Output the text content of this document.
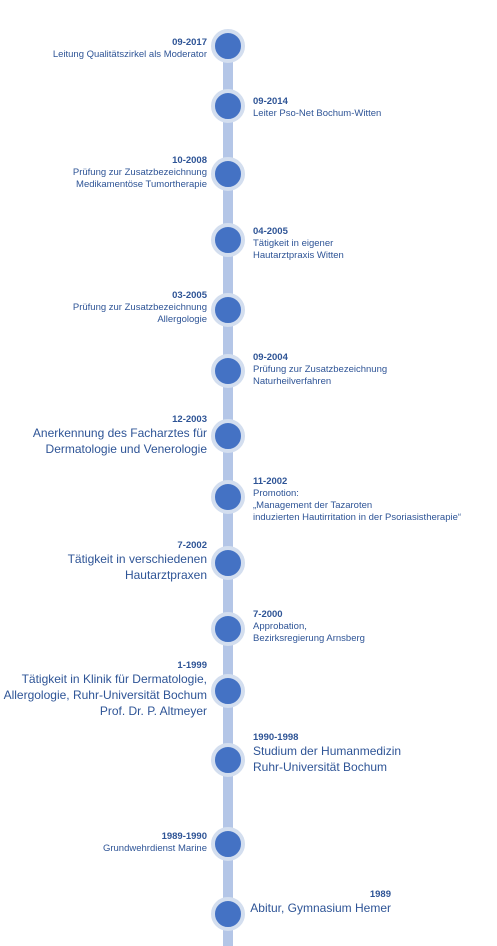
09-2017
Leitung Qualitätszirkel als Moderator
09-2014
Leiter Pso-Net Bochum-Witten
10-2008
Prüfung zur Zusatzbezeichnung
Medikamentöse Tumortherapie
04-2005
Tätigkeit in eigener
Hautarztpraxis Witten
03-2005
Prüfung zur Zusatzbezeichnung
Allergologie
09-2004
Prüfung zur Zusatzbezeichnung
Naturheilverfahren
12-2003
Anerkennung des Facharztes für
Dermatologie und Venerologie
11-2002
Promotion:
„Management der Tazaroten
induzierten Hautirritation in der Psoriasistherapie“
7-2002
Tätigkeit in verschiedenen
Hautarztpraxen
7-2000
Approbation,
Bezirksregierung Arnsberg
1-1999
Tätigkeit in Klinik für Dermatologie,
Allergologie, Ruhr-Universität Bochum
Prof. Dr. P. Altmeyer
1990-1998
Studium der Humanmedizin
Ruhr-Universität Bochum
1989-1990
Grundwehrdienst Marine
1989
Abitur, Gymnasium Hemer
